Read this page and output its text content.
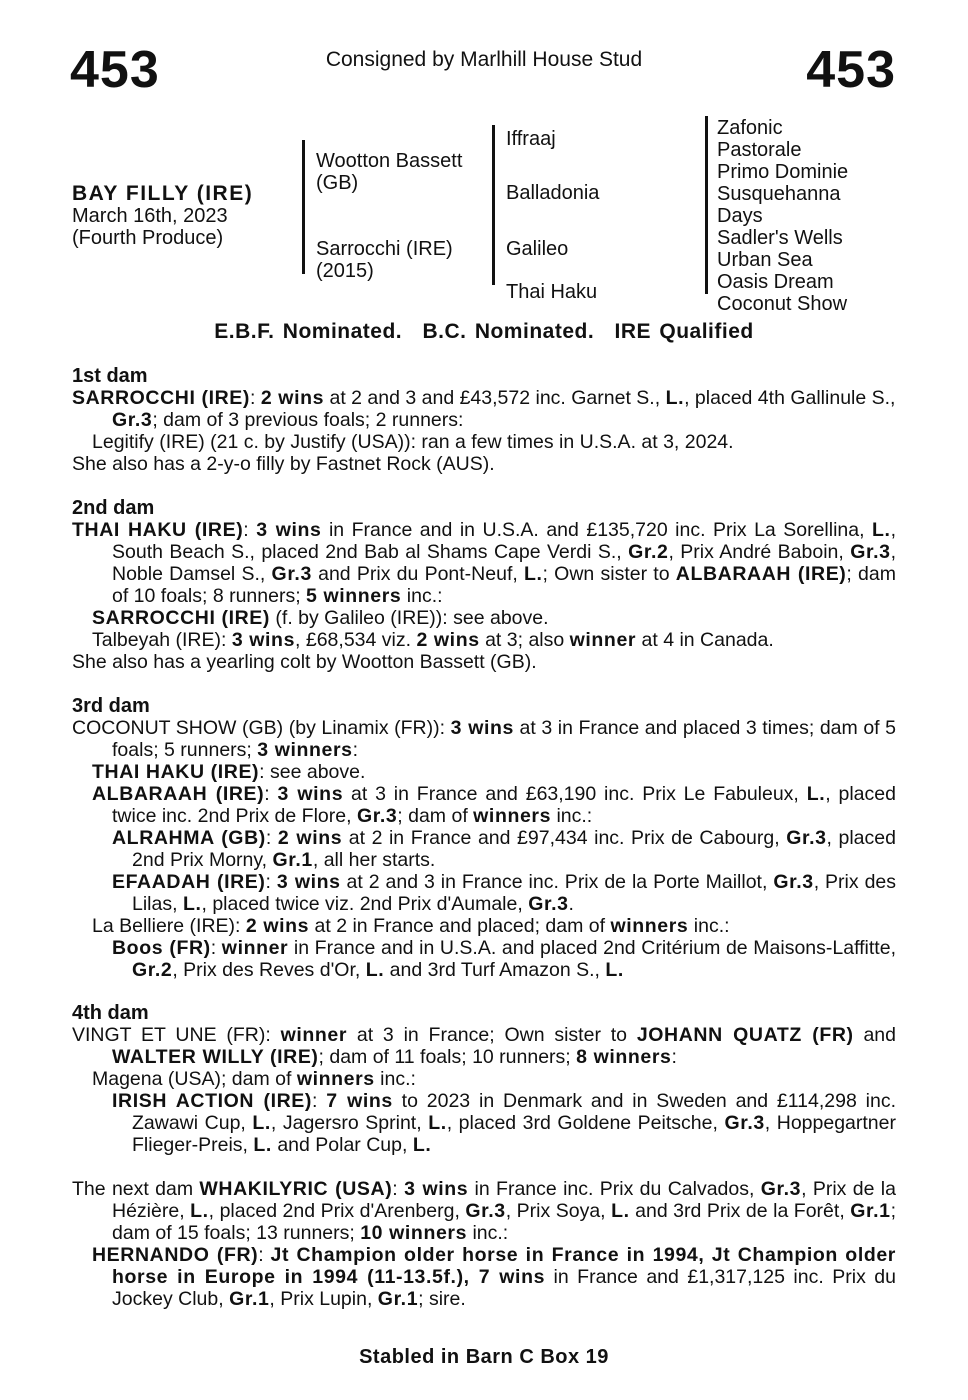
453	Consigned by Marlhill House Stud	453
BAY FILLY (IRE)
March 16th, 2023
(Fourth Produce)
Wootton Bassett (GB)
Sarrocchi (IRE) (2015)
Iffraaj
Balladonia
Galileo
Thai Haku
Zafonic
Pastorale
Primo Dominie
Susquehanna
Days
Sadler's Wells
Urban Sea
Oasis Dream
Coconut Show
E.B.F. Nominated. B.C. Nominated. IRE Qualified
1st dam

SARROCCHI (IRE): 2 wins at 2 and 3 and £43,572 inc. Garnet S., L., placed 4th Gallinule S., Gr.3; dam of 3 previous foals; 2 runners:

Legitify (IRE) (21 c. by Justify (USA)): ran a few times in U.S.A. at 3, 2024.

She also has a 2-y-o filly by Fastnet Rock (AUS).

2nd dam

THAI HAKU (IRE): 3 wins in France and in U.S.A. and £135,720 inc. Prix La Sorellina, L., South Beach S., placed 2nd Bab al Shams Cape Verdi S., Gr.2, Prix André Baboin, Gr.3, Noble Damsel S., Gr.3 and Prix du Pont-Neuf, L.; Own sister to ALBARAAH (IRE); dam of 10 foals; 8 runners; 5 winners inc.:

SARROCCHI (IRE) (f. by Galileo (IRE)): see above.

Talbeyah (IRE): 3 wins, £68,534 viz. 2 wins at 3; also winner at 4 in Canada.

She also has a yearling colt by Wootton Bassett (GB).

3rd dam

COCONUT SHOW (GB) (by Linamix (FR)): 3 wins at 3 in France and placed 3 times; dam of 5 foals; 5 runners; 3 winners:

THAI HAKU (IRE): see above.

ALBARAAH (IRE): 3 wins at 3 in France and £63,190 inc. Prix Le Fabuleux, L., placed twice inc. 2nd Prix de Flore, Gr.3; dam of winners inc.:

ALRAHMA (GB): 2 wins at 2 in France and £97,434 inc. Prix de Cabourg, Gr.3, placed 2nd Prix Morny, Gr.1, all her starts.

EFAADAH (IRE): 3 wins at 2 and 3 in France inc. Prix de la Porte Maillot, Gr.3, Prix des Lilas, L., placed twice viz. 2nd Prix d'Aumale, Gr.3.

La Belliere (IRE): 2 wins at 2 in France and placed; dam of winners inc.:

Boos (FR): winner in France and in U.S.A. and placed 2nd Critérium de Maisons-Laffitte, Gr.2, Prix des Reves d'Or, L. and 3rd Turf Amazon S., L.

4th dam

VINGT ET UNE (FR): winner at 3 in France; Own sister to JOHANN QUATZ (FR) and WALTER WILLY (IRE); dam of 11 foals; 10 runners; 8 winners:

Magena (USA); dam of winners inc.:

IRISH ACTION (IRE): 7 wins to 2023 in Denmark and in Sweden and £114,298 inc. Zawawi Cup, L., Jagersro Sprint, L., placed 3rd Goldene Peitsche, Gr.3, Hoppegartner Flieger-Preis, L. and Polar Cup, L.

The next dam WHAKILYRIC (USA): 3 wins in France inc. Prix du Calvados, Gr.3, Prix de la Hézière, L., placed 2nd Prix d'Arenberg, Gr.3, Prix Soya, L. and 3rd Prix de la Forêt, Gr.1; dam of 15 foals; 13 runners; 10 winners inc.:

HERNANDO (FR): Jt Champion older horse in France in 1994, Jt Champion older horse in Europe in 1994 (11-13.5f.), 7 wins in France and £1,317,125 inc. Prix du Jockey Club, Gr.1, Prix Lupin, Gr.1; sire.

Stabled in Barn C Box 19
